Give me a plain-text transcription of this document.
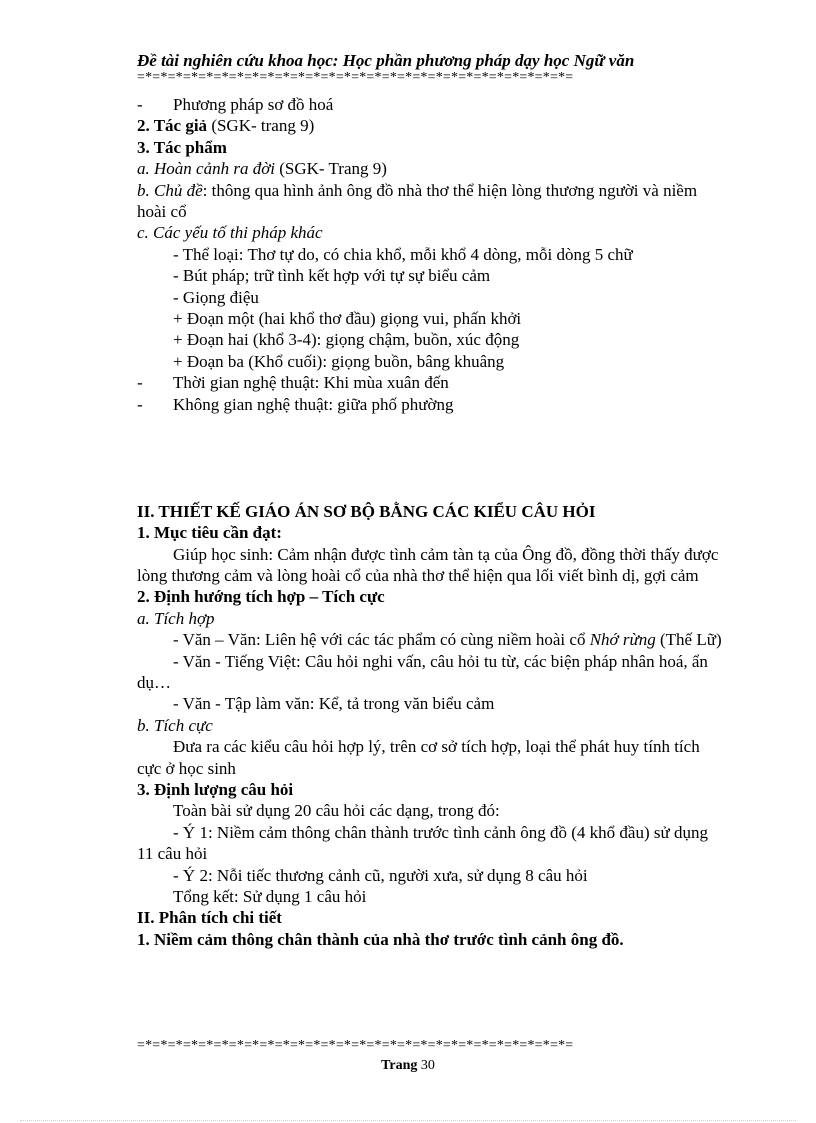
Đề tài nghiên cứu khoa học: Học phần phương pháp dạy học Ngữ văn
=*=*=*=*=*=*=*=*=*=*=*=*=*=*=*=*=*=*=*=*=*=*=*=*=*=*=*=*=
- Phương pháp sơ đồ hoá
2. Tác giả (SGK- trang 9)
3. Tác phẩm
a. Hoàn cảnh ra đời (SGK- Trang 9)
b. Chủ đề: thông qua hình ảnh ông đồ nhà thơ thể hiện lòng thương người và niềm hoài cổ
c. Các yếu tố thi pháp khác
- Thể loại: Thơ tự do, có chia khổ, mỗi khổ 4 dòng, mỗi dòng 5 chữ
- Bút pháp; trữ tình kết hợp với tự sự biểu cảm
- Giọng điệu
+ Đoạn một (hai khổ thơ đầu) giọng vui, phấn khởi
+ Đoạn hai (khổ 3-4): giọng chậm, buồn, xúc động
+ Đoạn ba (Khổ cuối): giọng buồn, bâng khuâng
- Thời gian nghệ thuật: Khi mùa xuân đến
- Không gian nghệ thuật: giữa phố phường
II. THIẾT KẾ GIÁO ÁN SƠ BỘ BẰNG CÁC KIỂU CÂU HỎI
1. Mục tiêu cần đạt:
Giúp học sinh: Cảm nhận được tình cảm tàn tạ của Ông đồ, đồng thời thấy được lòng thương cảm và lòng hoài cổ của nhà thơ thể hiện qua lối viết bình dị, gợi cảm
2. Định hướng tích hợp – Tích cực
a. Tích hợp
- Văn – Văn: Liên hệ với các tác phẩm có cùng niềm hoài cổ Nhớ rừng (Thế Lữ)
- Văn - Tiếng Việt: Câu hỏi nghi vấn, câu hỏi tu từ, các biện pháp nhân hoá, ẩn dụ…
- Văn - Tập làm văn: Kể, tả trong văn biểu cảm
b. Tích cực
Đưa ra các kiểu câu hỏi hợp lý, trên cơ sở tích hợp, loại thể phát huy tính tích cực ở học sinh
3. Định lượng câu hỏi
Toàn bài sử dụng 20 câu hỏi các dạng, trong đó:
- Ý 1: Niềm cảm thông chân thành trước tình cảnh ông đồ (4 khổ đầu) sử dụng 11 câu hỏi
- Ý 2: Nỗi tiếc thương cảnh cũ, người xưa, sử dụng 8 câu hỏi
Tổng kết: Sử dụng 1 câu hỏi
II. Phân tích chi tiết
1. Niềm cảm thông chân thành của nhà thơ trước tình cảnh ông đồ.
=*=*=*=*=*=*=*=*=*=*=*=*=*=*=*=*=*=*=*=*=*=*=*=*=*=*=*=*=
Trang 30
